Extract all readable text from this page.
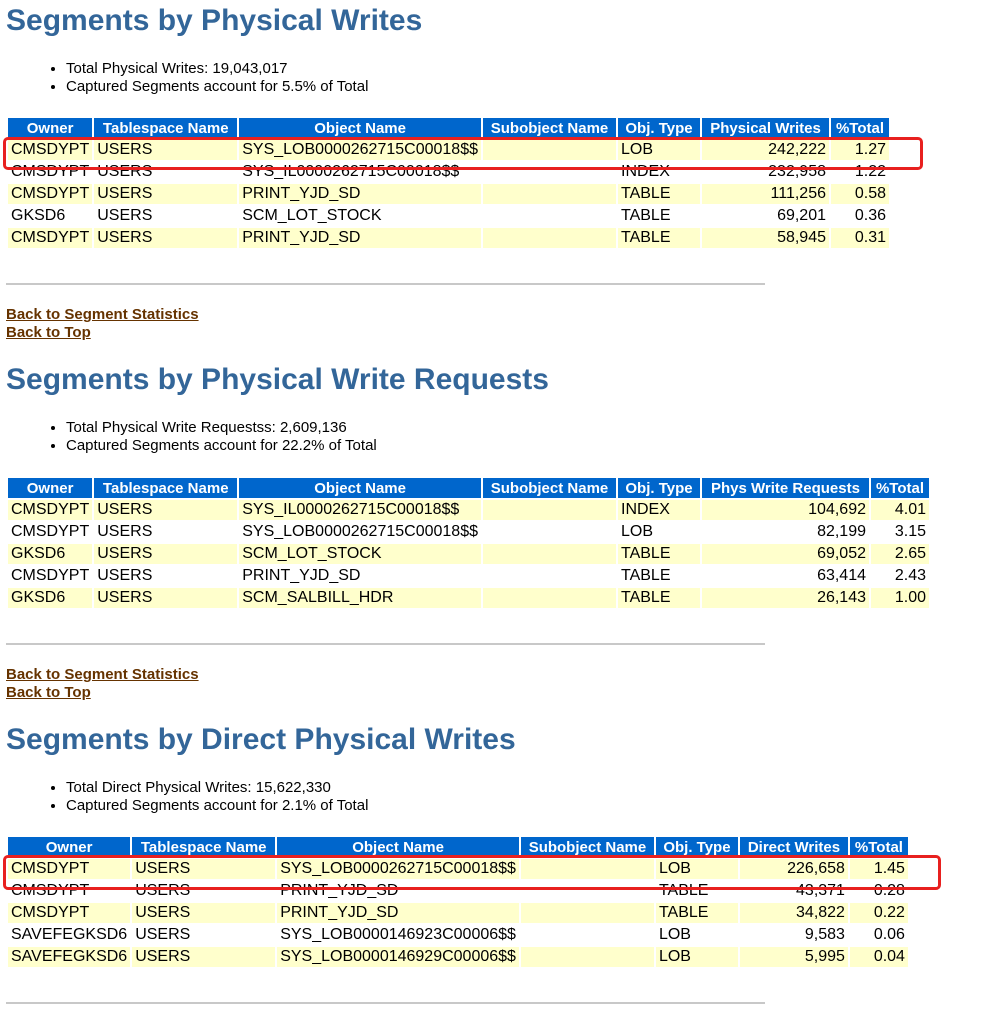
Segments by Physical Writes
• Total Physical Writes: 19,043,017
• Captured Segments account for 5.5% of Total
Owner	Tablespace Name	Object Name	Subobject Name	Obj. Type	Physical Writes	%Total
CMSDYPT	USERS	SYS_LOB0000262715C00018$$		LOB	242,222	1.27
CMSDYPT	USERS	SYS_IL0000262715C00018$$		INDEX	232,958	1.22
CMSDYPT	USERS	PRINT_YJD_SD		TABLE	111,256	0.58
GKSD6	USERS	SCM_LOT_STOCK		TABLE	69,201	0.36
CMSDYPT	USERS	PRINT_YJD_SD		TABLE	58,945	0.31
Back to Segment Statistics
Back to Top
Segments by Physical Write Requests
• Total Physical Write Requestss: 2,609,136
• Captured Segments account for 22.2% of Total
Owner	Tablespace Name	Object Name	Subobject Name	Obj. Type	Phys Write Requests	%Total
CMSDYPT	USERS	SYS_IL0000262715C00018$$		INDEX	104,692	4.01
CMSDYPT	USERS	SYS_LOB0000262715C00018$$		LOB	82,199	3.15
GKSD6	USERS	SCM_LOT_STOCK		TABLE	69,052	2.65
CMSDYPT	USERS	PRINT_YJD_SD		TABLE	63,414	2.43
GKSD6	USERS	SCM_SALBILL_HDR		TABLE	26,143	1.00
Back to Segment Statistics
Back to Top
Segments by Direct Physical Writes
• Total Direct Physical Writes: 15,622,330
• Captured Segments account for 2.1% of Total
Owner	Tablespace Name	Object Name	Subobject Name	Obj. Type	Direct Writes	%Total
CMSDYPT	USERS	SYS_LOB0000262715C00018$$		LOB	226,658	1.45
CMSDYPT	USERS	PRINT_YJD_SD		TABLE	43,371	0.28
CMSDYPT	USERS	PRINT_YJD_SD		TABLE	34,822	0.22
SAVEFEGKSD6	USERS	SYS_LOB0000146923C00006$$		LOB	9,583	0.06
SAVEFEGKSD6	USERS	SYS_LOB0000146929C00006$$		LOB	5,995	0.04
